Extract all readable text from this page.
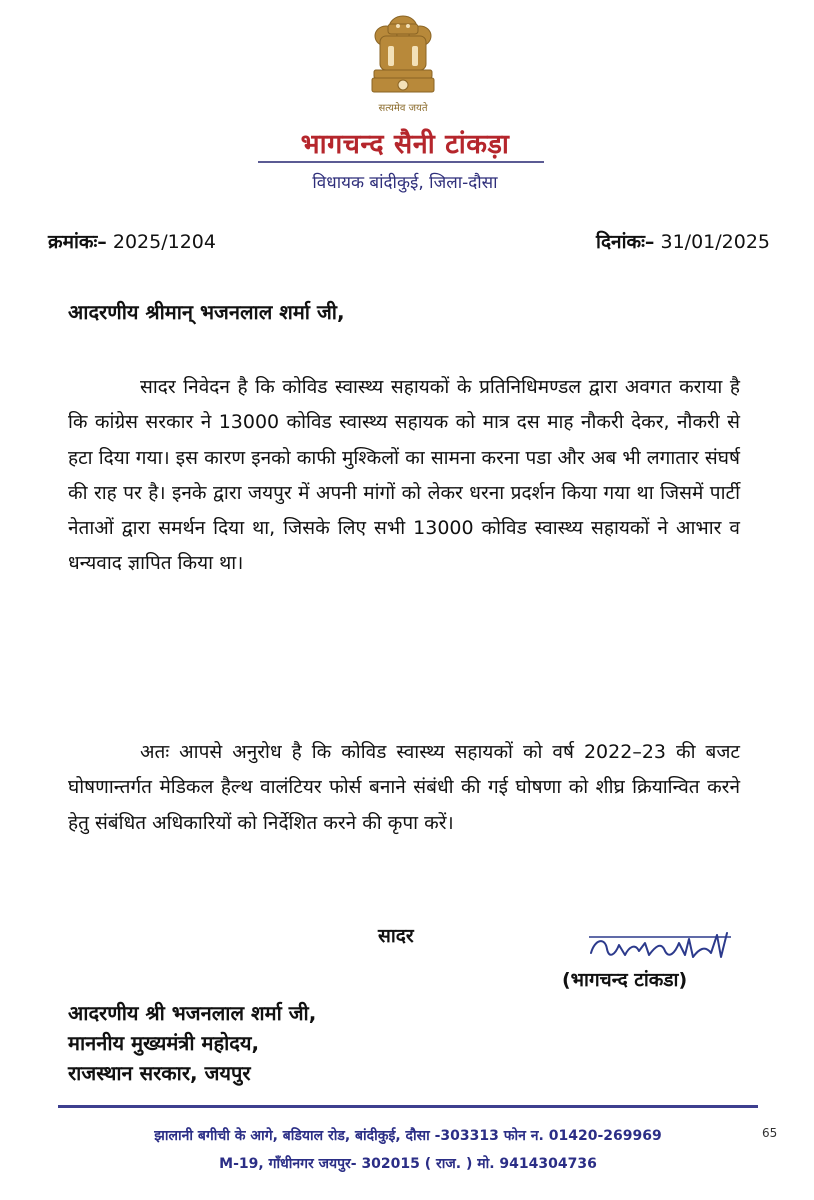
सत्यमेव जयते
भागचन्द सैनी टांकड़ा
विधायक बांदीकुई, जिला-दौसा
क्रमांकः– 2025/1204	दिनांकः– 31/01/2025
आदरणीय श्रीमान् भजनलाल शर्मा जी,

सादर निवेदन है कि कोविड स्वास्थ्य सहायकों के प्रतिनिधिमण्डल द्वारा अवगत कराया है कि कांग्रेस सरकार ने 13000 कोविड स्वास्थ्य सहायक को मात्र दस माह नौकरी देकर, नौकरी से हटा दिया गया। इस कारण इनको काफी मुश्किलों का सामना करना पडा और अब भी लगातार संघर्ष की राह पर है। इनके द्वारा जयपुर में अपनी मांगों को लेकर धरना प्रदर्शन किया गया था जिसमें पार्टी नेताओं द्वारा समर्थन दिया था, जिसके लिए सभी 13000 कोविड स्वास्थ्य सहायकों ने आभार व धन्यवाद ज्ञापित किया था।

अतः आपसे अनुरोध है कि कोविड स्वास्थ्य सहायकों को वर्ष 2022–23 की बजट घोषणान्तर्गत मेडिकल हैल्थ वालंटियर फोर्स बनाने संबंधी की गई घोषणा को शीघ्र क्रियान्वित करने हेतु संबंधित अधिकारियों को निर्देशित करने की कृपा करें।

सादर
(भागचन्द टांकडा)
आदरणीय श्री भजनलाल शर्मा जी,
माननीय मुख्यमंत्री महोदय,
राजस्थान सरकार, जयपुर
झालानी बगीची के आगे, बडियाल रोड, बांदीकुई, दौसा -303313 फोन न. 01420-269969
M-19, गाँधीनगर जयपुर- 302015 ( राज. ) मो. 9414304736
65
